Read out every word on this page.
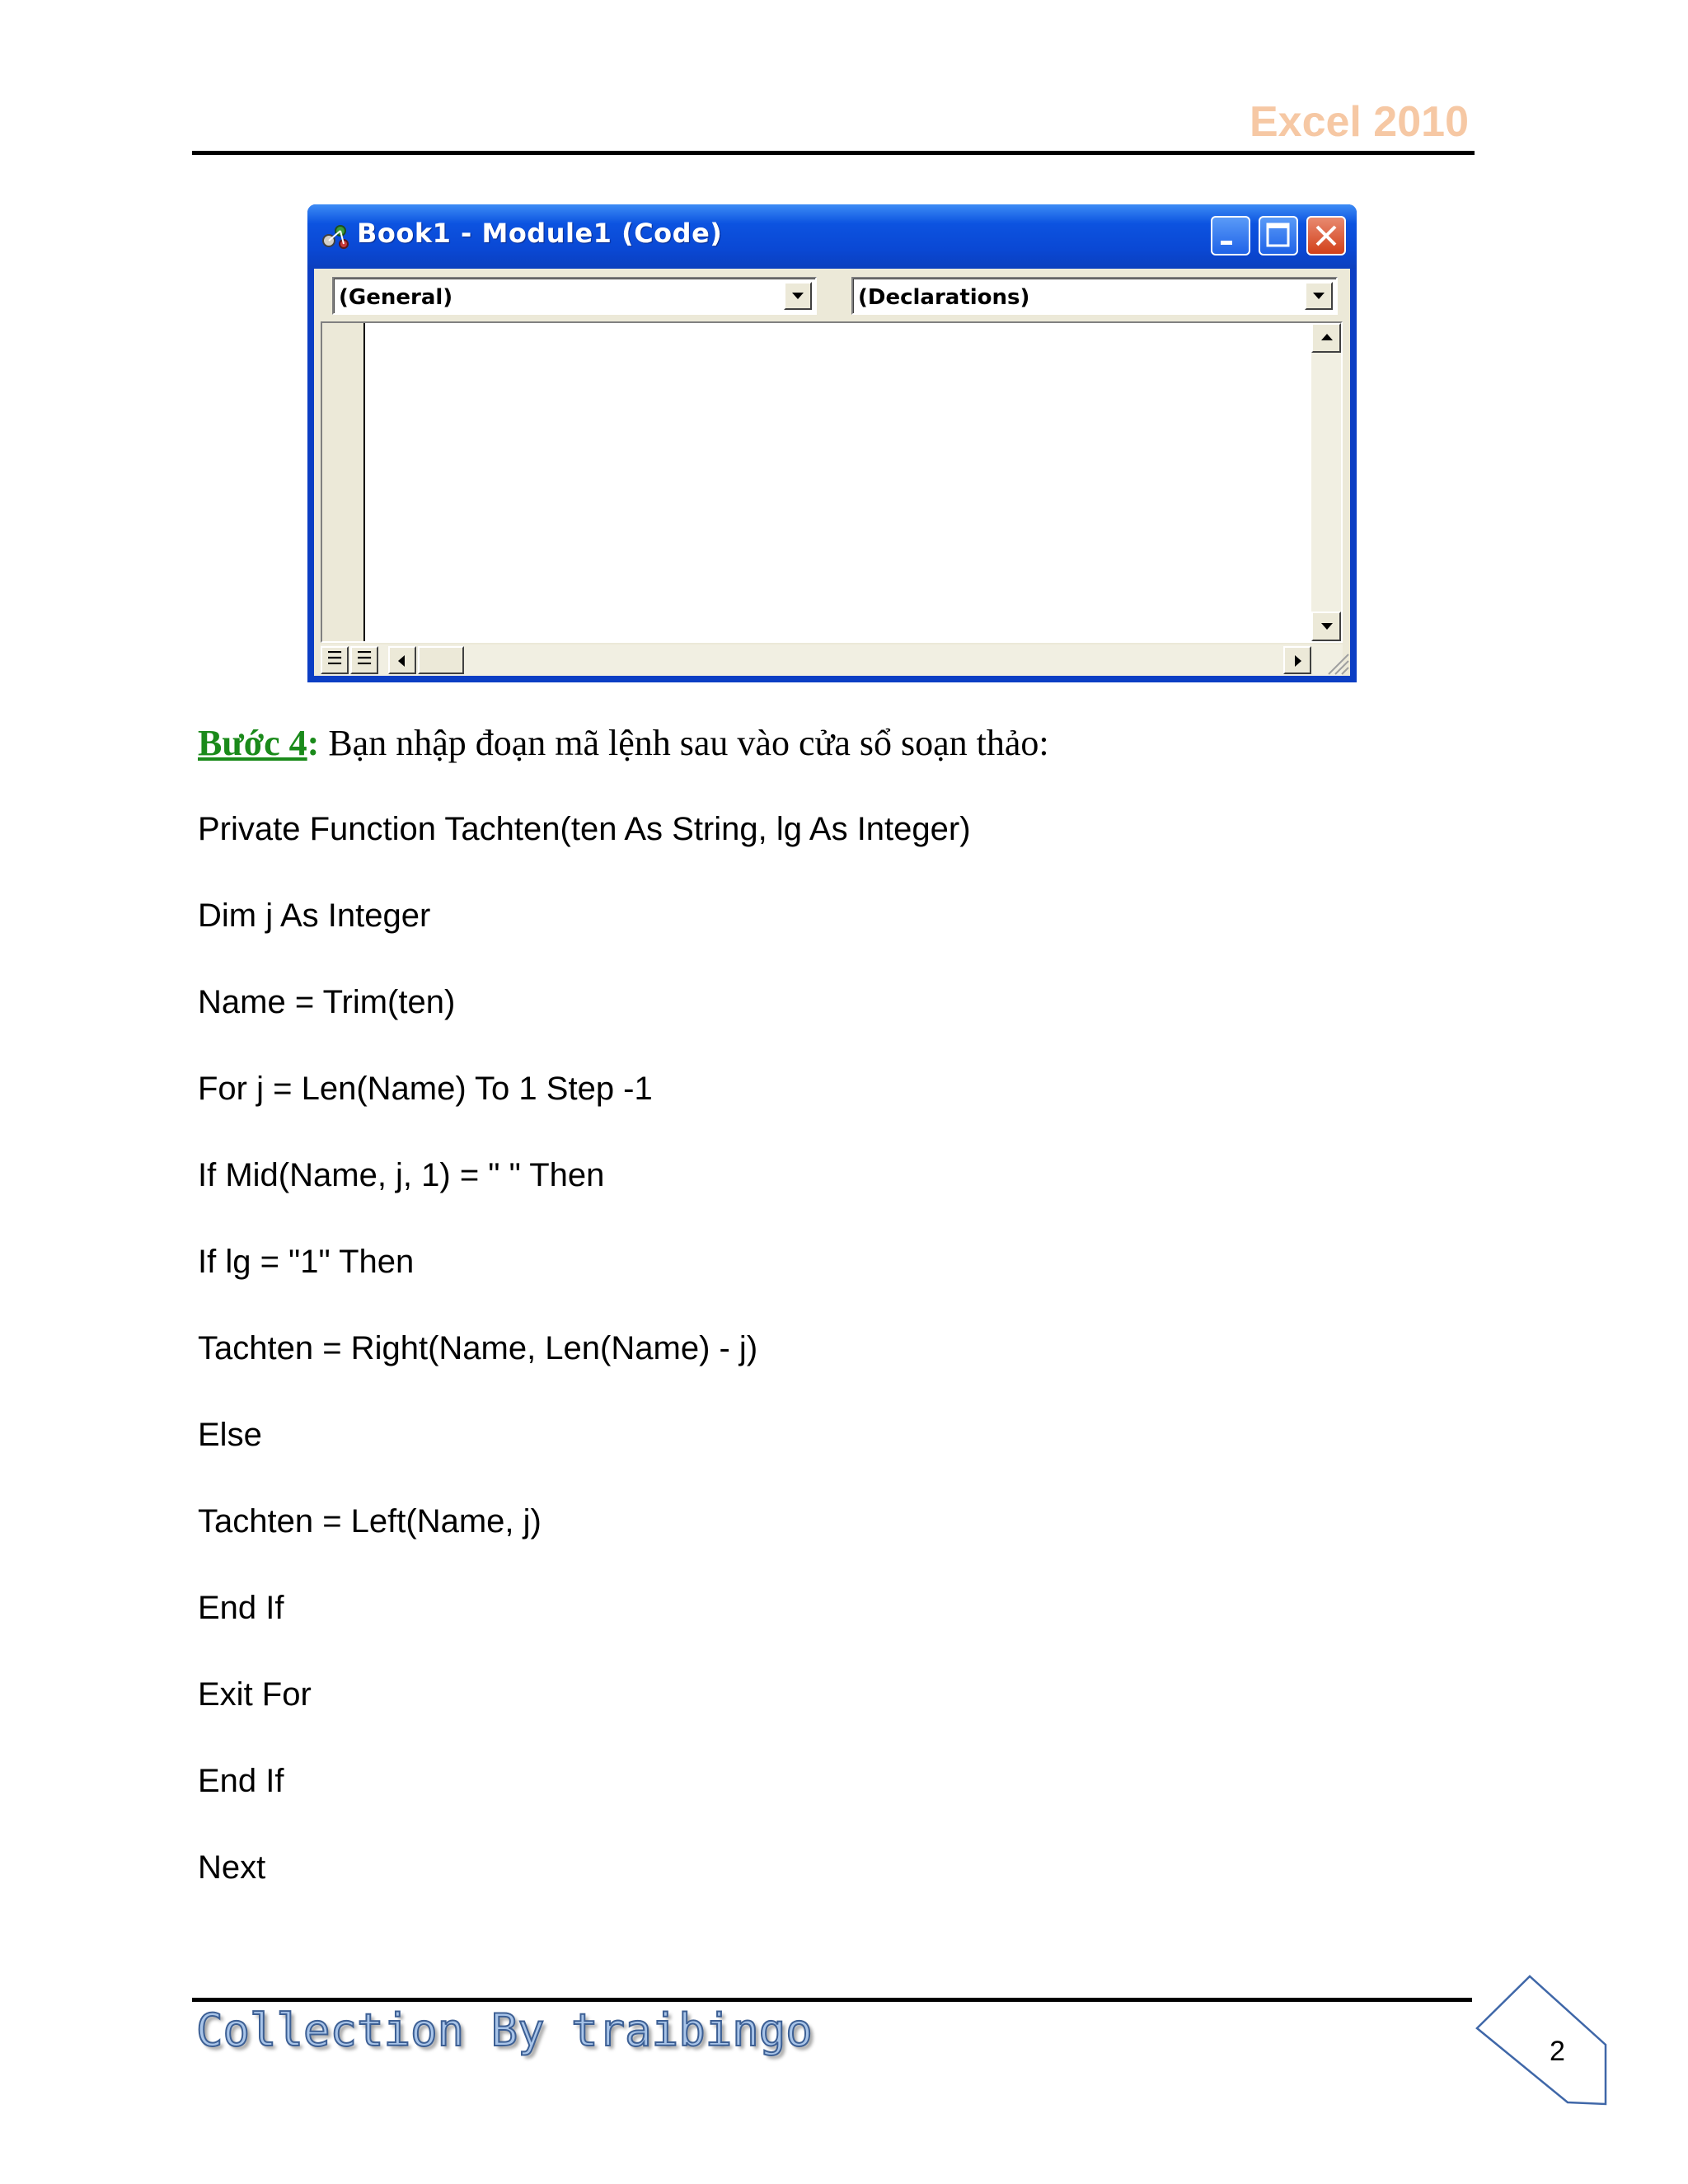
Excel 2010
Book1 - Module1 (Code)
(General)	(Declarations)
☰ ☰
Bước 4: Bạn nhập đoạn mã lệnh sau vào cửa sổ soạn thảo:
Private Function Tachten(ten As String, lg As Integer)
Dim j As Integer
Name = Trim(ten)
For j = Len(Name) To 1 Step -1
If Mid(Name, j, 1) = " " Then
If lg = "1" Then
Tachten = Right(Name, Len(Name) - j)
Else
Tachten = Left(Name, j)
End If
Exit For
End If
Next
Collection By traibingo	2
